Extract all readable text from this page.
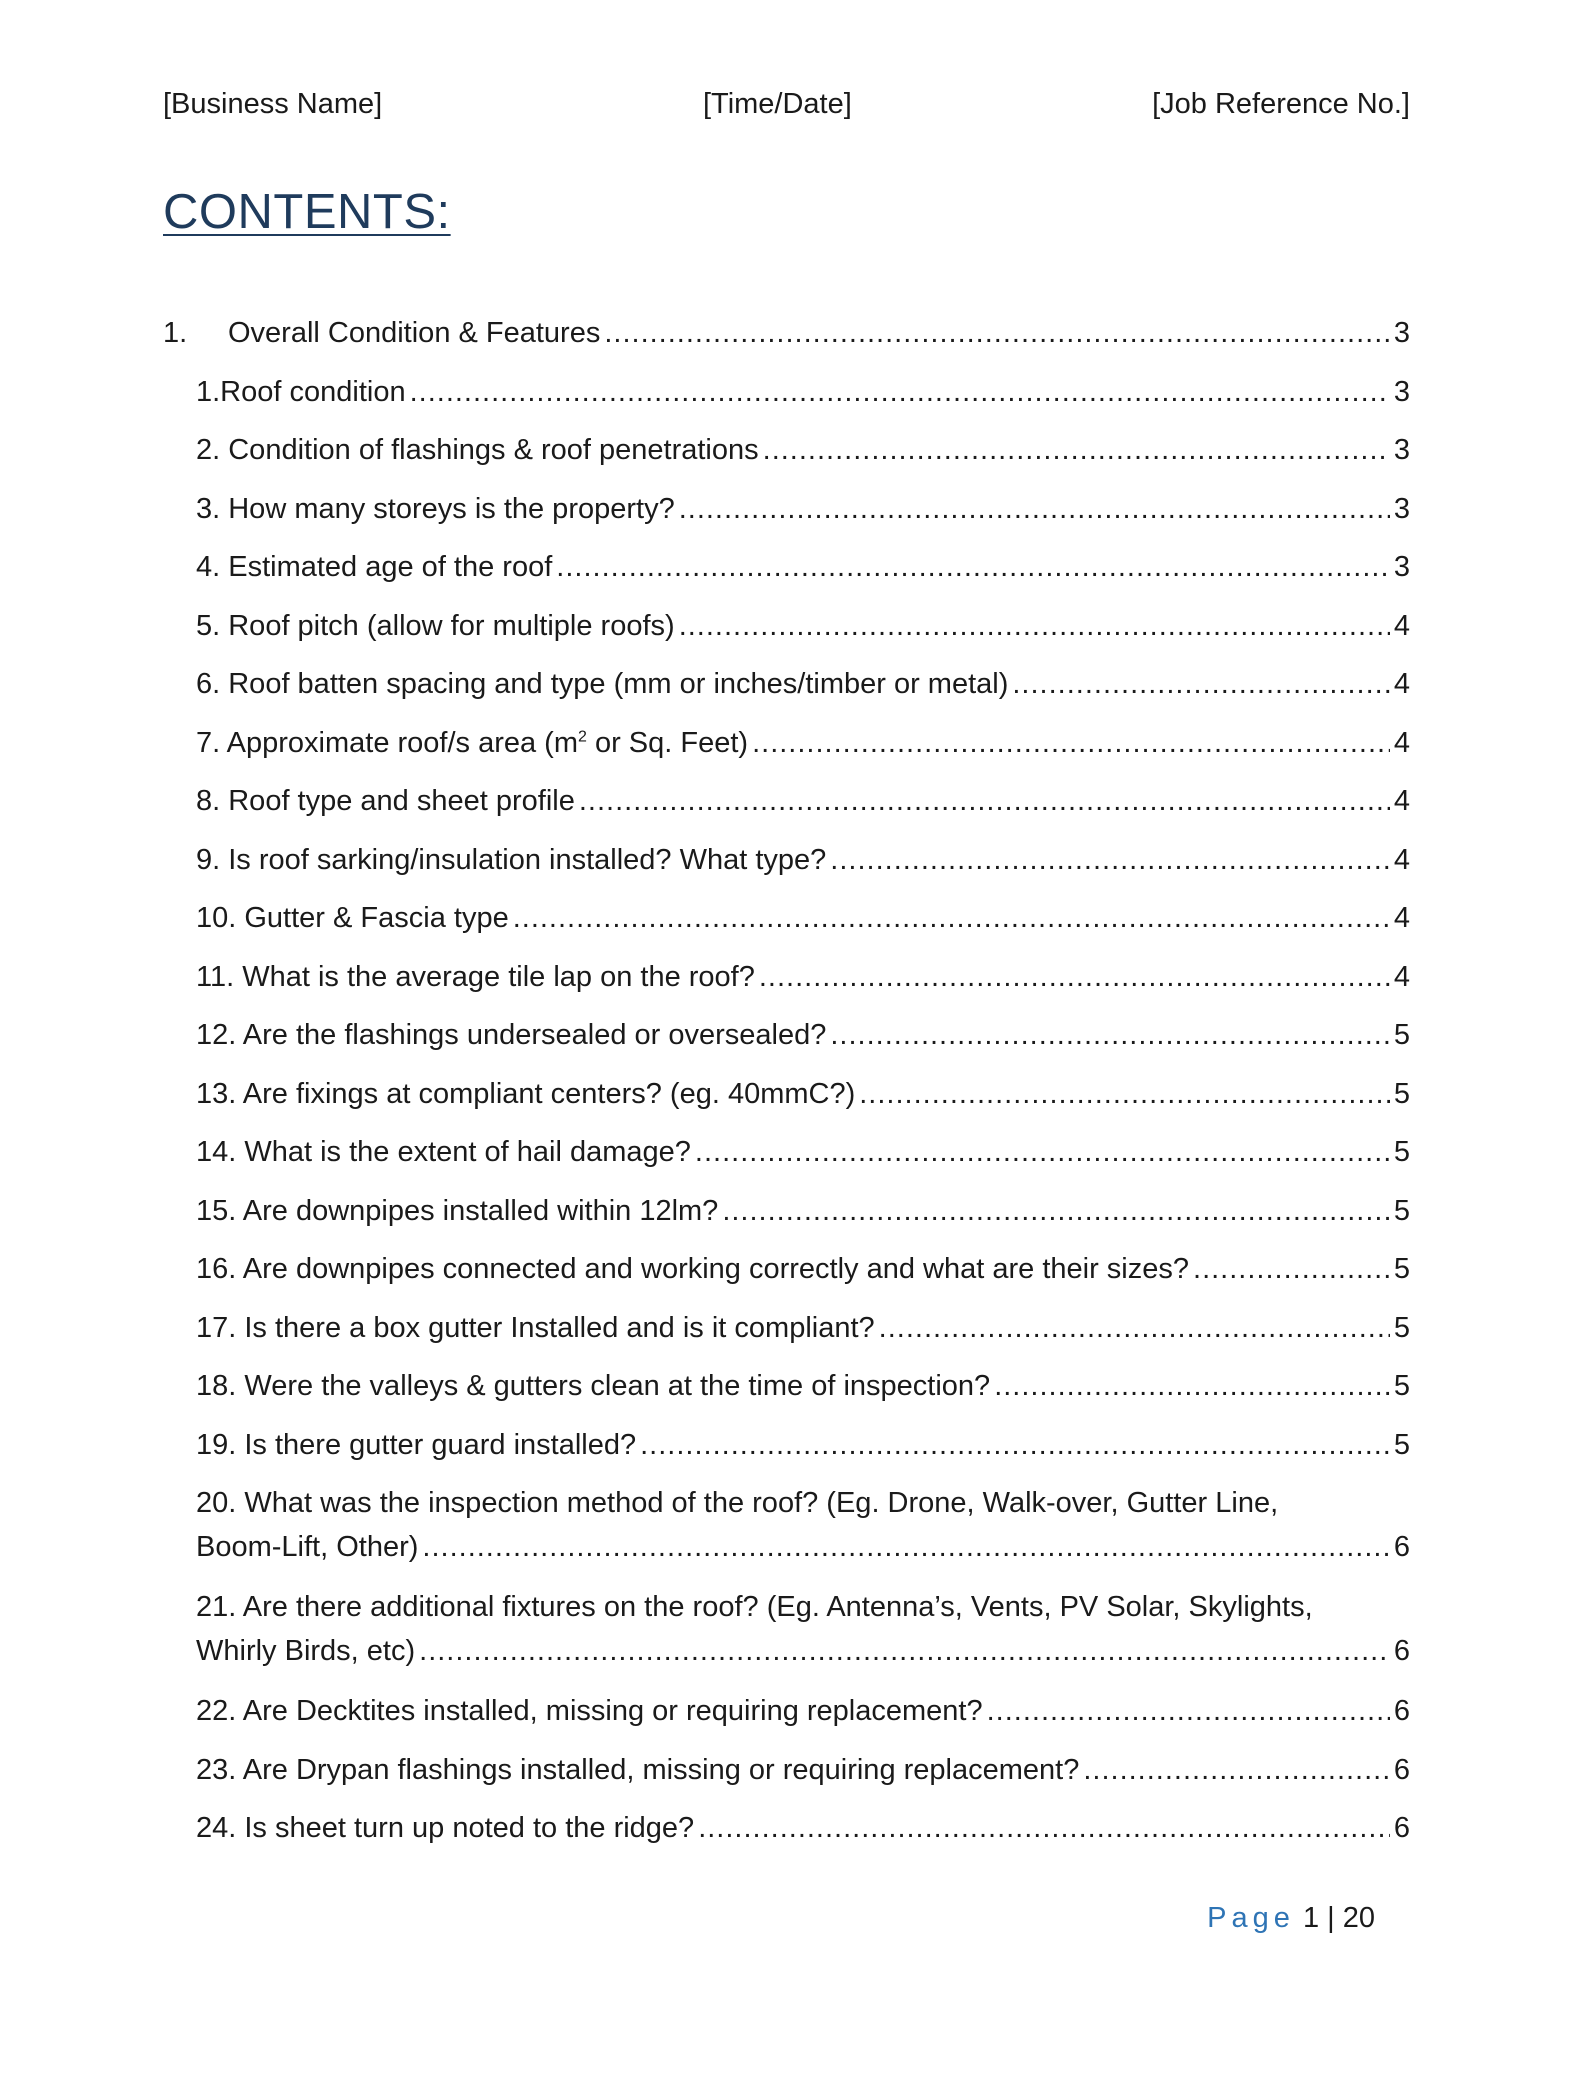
[Business Name]	[Time/Date]	[Job Reference No.]
CONTENTS:
1. Overall Condition & Features .....	3
1.Roof condition .....	3
2. Condition of flashings & roof penetrations .....	3
3. How many storeys is the property? .....	3
4. Estimated age of the roof .....	3
5. Roof pitch (allow for multiple roofs) .....	4
6. Roof batten spacing and type (mm or inches/timber or metal) .....	4
7. Approximate roof/s area ($m^2$ or Sq. Feet) .....	4
8. Roof type and sheet profile .....	4
9. Is roof sarking/insulation installed? What type? .....	4
10. Gutter & Fascia type .....	4
11. What is the average tile lap on the roof? .....	4
12. Are the flashings undersealed or oversealed? .....	5
13. Are fixings at compliant centers? (eg. 40mmC?) .....	5
14. What is the extent of hail damage? .....	5
15. Are downpipes installed within 12lm? .....	5
16. Are downpipes connected and working correctly and what are their sizes? .....	5
17. Is there a box gutter Installed and is it compliant? .....	5
18. Were the valleys & gutters clean at the time of inspection? .....	5
19. Is there gutter guard installed? .....	5
20. What was the inspection method of the roof? (Eg. Drone, Walk-over, Gutter Line,
Boom-Lift, Other) .....	6
21. Are there additional fixtures on the roof? (Eg. Antenna’s, Vents, PV Solar, Skylights,
Whirly Birds, etc) .....	6
22. Are Decktites installed, missing or requiring replacement? .....	6
23. Are Drypan flashings installed, missing or requiring replacement? .....	6
24. Is sheet turn up noted to the ridge? .....	6
Page 1 | 20
